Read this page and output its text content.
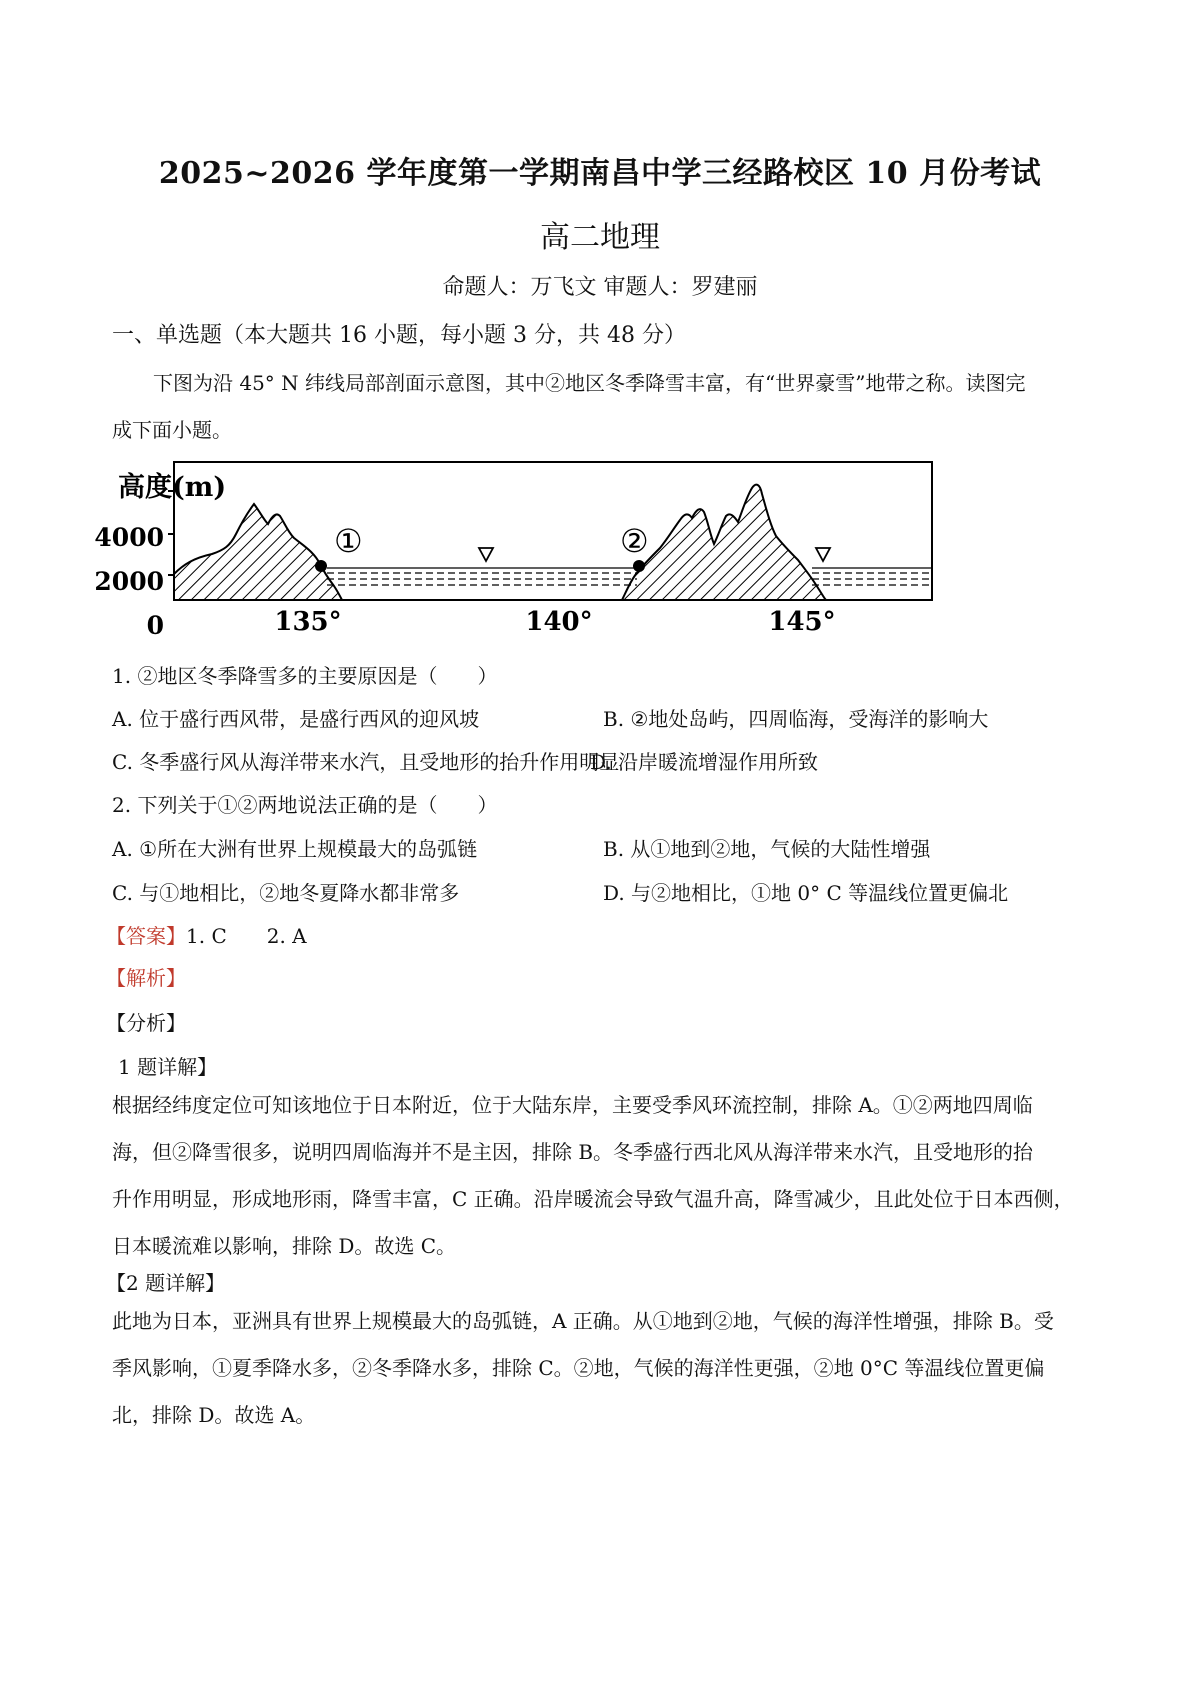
2025~2026 学年度第一学期南昌中学三经路校区 10 月份考试
高二地理
命题人：万飞文 审题人：罗建丽
一、单选题（本大题共 16 小题，每小题 3 分，共 48 分）
下图为沿 45° N 纬线局部剖面示意图，其中②地区冬季降雪丰富，有“世界豪雪”地带之称。读图完
成下面小题。
高度(m)
4000
2000
0
①	②
135°	140°	145°
1. ②地区冬季降雪多的主要原因是（　　）
A. 位于盛行西风带，是盛行西风的迎风坡	B. ②地处岛屿，四周临海，受海洋的影响大
C. 冬季盛行风从海洋带来水汽，且受地形的抬升作用明显
D. 沿岸暖流增湿作用所致
2. 下列关于①②两地说法正确的是（　　）
A. ①所在大洲有世界上规模最大的岛弧链	B. 从①地到②地，气候的大陆性增强
C. 与①地相比，②地冬夏降水都非常多	D. 与②地相比，①地 0° C 等温线位置更偏北
【答案】1. C　　2. A
【解析】
【分析】
1 题详解】
根据经纬度定位可知该地位于日本附近，位于大陆东岸，主要受季风环流控制，排除 A。①②两地四周临
海，但②降雪很多，说明四周临海并不是主因，排除 B。冬季盛行西北风从海洋带来水汽，且受地形的抬
升作用明显，形成地形雨，降雪丰富，C 正确。沿岸暖流会导致气温升高，降雪减少，且此处位于日本西侧，
日本暖流难以影响，排除 D。故选 C。
【2 题详解】
此地为日本，亚洲具有世界上规模最大的岛弧链，A 正确。从①地到②地，气候的海洋性增强，排除 B。受
季风影响，①夏季降水多，②冬季降水多，排除 C。②地，气候的海洋性更强，②地 0°C 等温线位置更偏
北，排除 D。故选 A。
